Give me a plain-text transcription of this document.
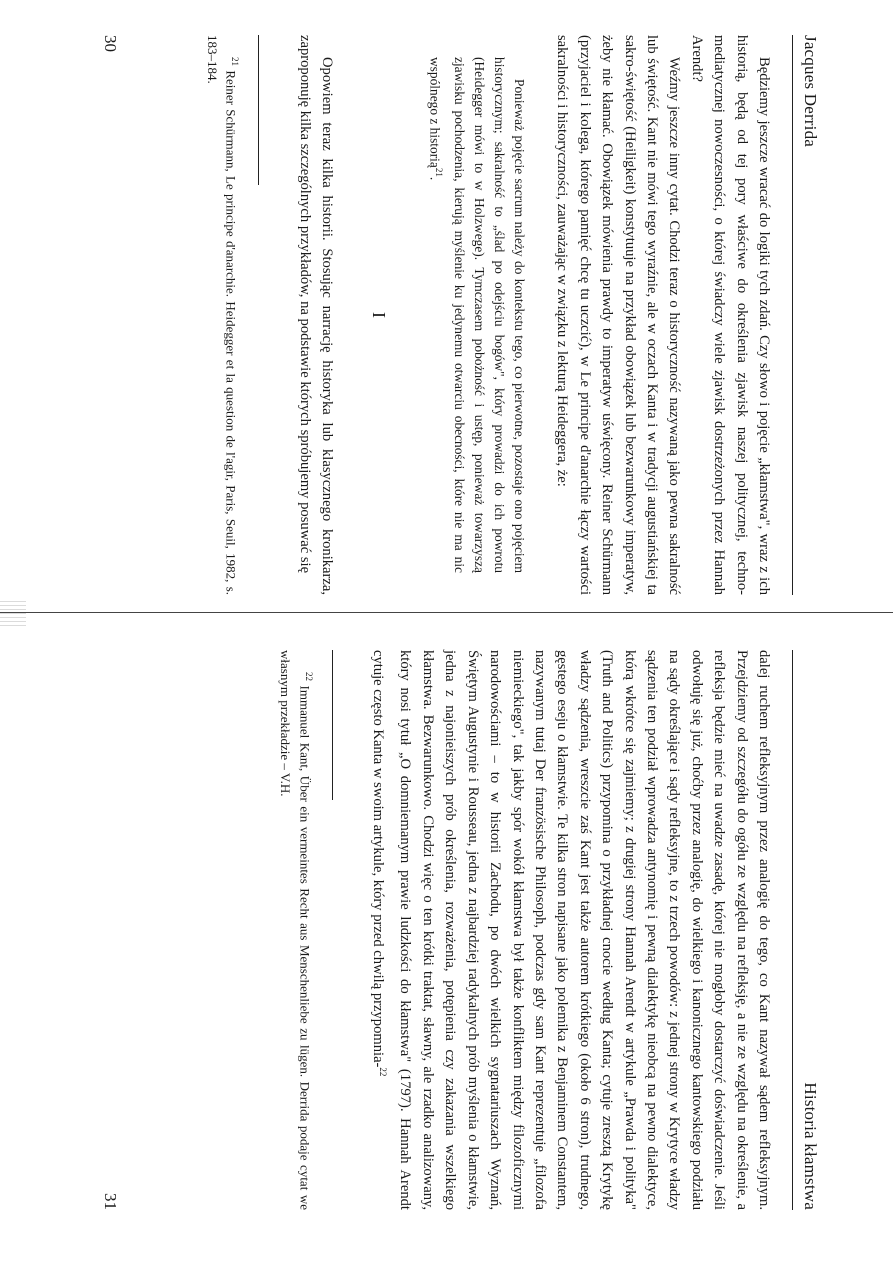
Jacques Derrida

Będziemy jeszcze wracać do logiki tych zdań. Czy słowo i pojęcie „kłamstwa", wraz z ich historią, będą od tej pory właściwe do określenia zjawisk naszej politycznej, techno-mediatycznej nowoczesności, o której świadczy wiele zjawisk dostrzeżonych przez Hannah Arendt?

Weźmy jeszcze inny cytat. Chodzi teraz o historyczność nazywaną jako pewna sakralność lub świętość. Kant nie mówi tego wyraźnie, ale w oczach Kanta i w tradycji augustiańskiej ta sakro-świętość (Heiligkeit) konstytuuje na przykład obowiązek lub bezwarunkowy imperatyw, żeby nie kłamać. Obowiązek mówienia prawdy to imperatyw uświęcony. Reiner Schürmann (przyjaciel i kolega, którego pamięć chcę tu uczcić), w Le principe d'anarchie łączy wartości sakralności i historyczności, zauważając w związku z lekturą Heideggera, że:

Ponieważ pojęcie sacrum należy do kontekstu tego, co pierwotne, pozostaje ono pojęciem historycznym; sakralność to „ślad po odejściu bogów", który prowadzi do ich powrotu (Heidegger mówi to w Holzwege). Tymczasem pobożność i ustęp, ponieważ towarzyszą zjawisku pochodzenia, kierują myślenie ku jedynemu otwarciu obecności, które nie ma nic wspólnego z historią$^{21}$.

I

Opowiem teraz kilka historii. Stosując narrację historyka lub klasycznego kronikarza, zaproponuję kilka szczególnych przykładów, na podstawie których spróbujemy posuwać się

$^{21}$ Reiner Schürmann, Le principe d'anarchie. Heidegger et la question de l'agir, Paris, Seuil, 1982, s. 183–184.

30
Historia kłamstwa

dalej ruchem refleksyjnym przez analogię do tego, co Kant nazywał sądem refleksyjnym. Przejdziemy od szczegółu do ogółu ze względu na refleksję, a nie ze względu na określenie, a refleksja będzie mieć na uwadze zasadę, której nie mogłoby dostarczyć doświadczenie. Jeśli odwołuję się już, choćby przez analogię, do wielkiego i kanonicznego kantowskiego podziału na sądy określające i sądy refleksyjne, to z trzech powodów: z jednej strony w Krytyce władzy sądzenia ten podział wprowadza antynomię i pewną dialektykę nieobcą na pewno dialektyce, którą wkrótce się zajmiemy; z drugiej strony Hannah Arendt w artykule „Prawda i polityka" (Truth and Politics) przypomina o przykładnej cnocie według Kanta; cytuje zresztą Krytykę władzy sądzenia, wreszcie zaś Kant jest także autorem krótkiego (około 6 stron), trudnego, gęstego eseju o kłamstwie. Te kilka stron napisane jako polemika z Benjaminem Constantem, nazywanym tutaj Der französische Philosoph, podczas gdy sam Kant reprezentuje „filozofa niemieckiego", tak jakby spór wokół kłamstwa był także konfliktem między filozoficznymi narodowościami – to w historii Zachodu, po dwóch wielkich sygnatariuszach Wyznań, Świętym Augustynie i Rousseau, jedna z najbardziej radykalnych prób myślenia o kłamstwie, jedna z najonieiszych prób określenia, rozważenia, potępienia czy zakazania wszelkiego kłamstwa. Bezwarunkowo. Chodzi więc o ten krótki traktat, sławny, ale rzadko analizowany, który nosi tytuł „O domniemanym prawie ludzkości do kłamstwa" (1797). Hannah Arendt cytuje często Kanta w swoim artykule, który przed chwilą przypomnia-$^{22}$

$^{22}$ Immanuel Kant, Über ein vermeintes Recht aus Menschenliebe zu lügen. Derrida podaje cytat we własnym przekładzie – V.H.

31
